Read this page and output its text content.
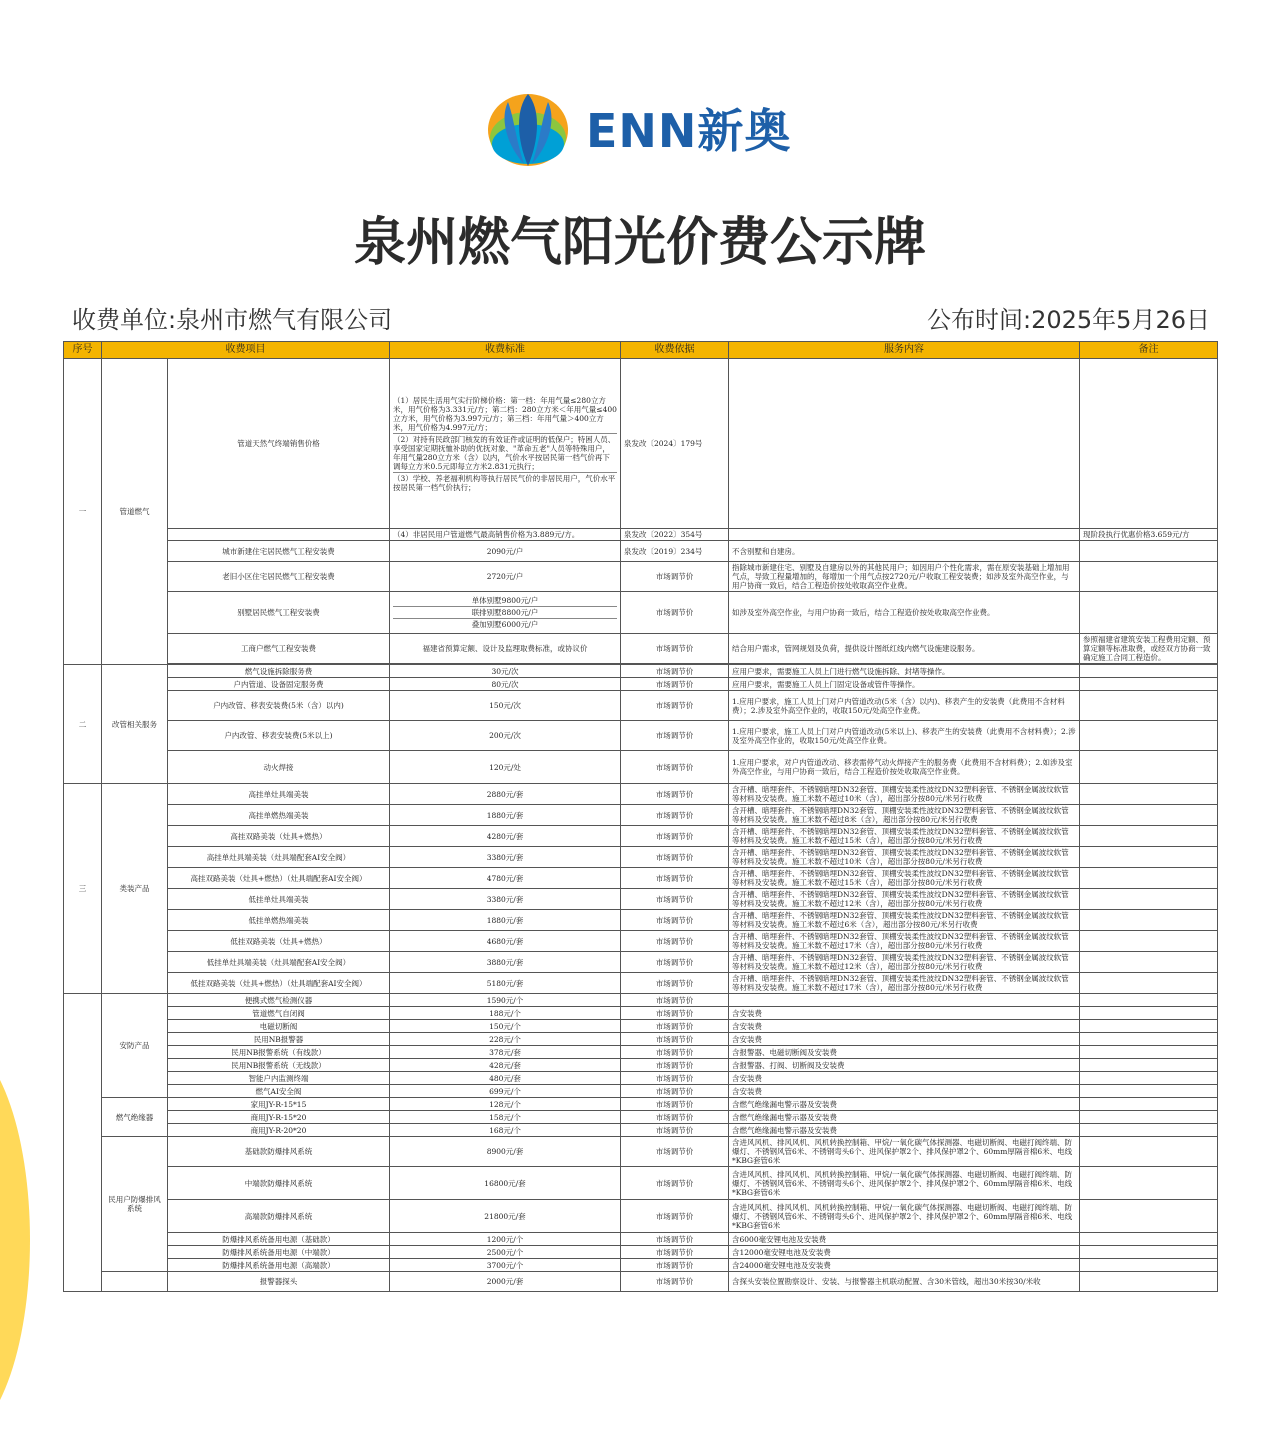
ENN新奥
泉州燃气阳光价费公示牌
收费单位:泉州市燃气有限公司	公布时间:2025年5月26日
序号	收费项目		收费标准	收费依据	服务内容	备注
一	管道燃气	管道天然气终端销售价格	（1）居民生活用气实行阶梯价格：第一档：年用气量≤280立方米，用气价格为3.331元/方；第二档：280立方米＜年用气量≤400立方米，用气价格为3.997元/方；第三档：年用气量＞400立方米，用气价格为4.997元/方；
（2）对持有民政部门核发的有效证件或证明的低保户；特困人员、享受国家定期抚恤补助的优抚对象、"革命五老"人员等特殊用户，年用气量280立方米（含）以内，气价水平按居民第一档气价再下调每立方米0.5元即每立方米2.831元执行；
（3）学校、养老福利机构等执行居民气价的非居民用户，气价水平按居民第一档气价执行；	泉发改〔2024〕179号		
			（4）非居民用户管道燃气最高销售价格为3.889元/方。	泉发改〔2022〕354号		现阶段执行优惠价格3.659元/方
		城市新建住宅居民燃气工程安装费	2090元/户	泉发改〔2019〕234号	不含别墅和自建房。	
		老旧小区住宅居民燃气工程安装费	2720元/户	市场调节价	指除城市新建住宅、别墅及自建房以外的其他民用户；如因用户个性化需求，需在原安装基础上增加用气点，导致工程量增加的，每增加一个用气点按2720元/户收取工程安装费；如涉及室外高空作业，与用户协商一致后，结合工程造价按处收取高空作业费。	
		别墅居民燃气工程安装费	单体别墅9800元/户
联排别墅8800元/户
叠加别墅6000元/户	市场调节价	如涉及室外高空作业，与用户协商一致后，结合工程造价按处收取高空作业费。	
		工商户燃气工程安装费	福建省预算定额、设计及监理取费标准，或协议价	市场调节价	结合用户需求，管网规划及负荷，提供设计图纸红线内燃气设施建设服务。	参照福建省建筑安装工程费用定额、预算定额等标准取费，或经双方协商一致确定施工合同工程造价。

二	改管相关服务	燃气设施拆除服务费	30元/次	市场调节价	应用户要求，需要施工人员上门进行燃气设施拆除、封堵等操作。	
		户内管道、设备固定服务费	80元/次	市场调节价	应用户要求，需要施工人员上门固定设备或管件等操作。	
		户内改管、移表安装费(5米（含）以内)	150元/次	市场调节价	1.应用户要求，施工人员上门对户内管道改动(5米（含）以内)、移表产生的安装费（此费用不含材料费）；2.涉及室外高空作业的，收取150元/处高空作业费。	
		户内改管、移表安装费(5米以上)	200元/次	市场调节价	1.应用户要求，施工人员上门对户内管道改动(5米以上)、移表产生的安装费（此费用不含材料费）；2.涉及室外高空作业的，收取150元/处高空作业费。	
		动火焊接	120元/处	市场调节价	1.应用户要求，对户内管道改动、移表需停气动火焊接产生的服务费（此费用不含材料费）；2.如涉及室外高空作业，与用户协商一致后，结合工程造价按处收取高空作业费。	
三	类装产品	高挂单灶具端美装	2880元/套	市场调节价	含开槽、暗埋套件、不锈钢暗埋DN32套管、顶棚安装柔性波纹DN32塑料套管、不锈钢金属波纹软管等材料及安装费。施工米数不超过10米（含），超出部分按80元/米另行收费	
		高挂单燃热端美装	1880元/套	市场调节价	含开槽、暗埋套件、不锈钢暗埋DN32套管、顶棚安装柔性波纹DN32塑料套管、不锈钢金属波纹软管等材料及安装费。施工米数不超过8米（含），超出部分按80元/米另行收费	
		高挂双路美装（灶具+燃热）	4280元/套	市场调节价	含开槽、暗埋套件、不锈钢暗埋DN32套管、顶棚安装柔性波纹DN32塑料套管、不锈钢金属波纹软管等材料及安装费。施工米数不超过15米（含），超出部分按80元/米另行收费	
		高挂单灶具端美装（灶具端配套AI安全阀）	3380元/套	市场调节价	含开槽、暗埋套件、不锈钢暗埋DN32套管、顶棚安装柔性波纹DN32塑料套管、不锈钢金属波纹软管等材料及安装费。施工米数不超过10米（含），超出部分按80元/米另行收费	
		高挂双路美装（灶具+燃热）（灶具端配套AI安全阀）	4780元/套	市场调节价	含开槽、暗埋套件、不锈钢暗埋DN32套管、顶棚安装柔性波纹DN32塑料套管、不锈钢金属波纹软管等材料及安装费。施工米数不超过15米（含），超出部分按80元/米另行收费	
		低挂单灶具端美装	3380元/套	市场调节价	含开槽、暗埋套件、不锈钢暗埋DN32套管、顶棚安装柔性波纹DN32塑料套管、不锈钢金属波纹软管等材料及安装费。施工米数不超过12米（含），超出部分按80元/米另行收费	
		低挂单燃热端美装	1880元/套	市场调节价	含开槽、暗埋套件、不锈钢暗埋DN32套管、顶棚安装柔性波纹DN32塑料套管、不锈钢金属波纹软管等材料及安装费。施工米数不超过6米（含），超出部分按80元/米另行收费	
		低挂双路美装（灶具+燃热）	4680元/套	市场调节价	含开槽、暗埋套件、不锈钢暗埋DN32套管、顶棚安装柔性波纹DN32塑料套管、不锈钢金属波纹软管等材料及安装费。施工米数不超过17米（含），超出部分按80元/米另行收费	
		低挂单灶具端美装（灶具端配套AI安全阀）	3880元/套	市场调节价	含开槽、暗埋套件、不锈钢暗埋DN32套管、顶棚安装柔性波纹DN32塑料套管、不锈钢金属波纹软管等材料及安装费。施工米数不超过12米（含），超出部分按80元/米另行收费	
		低挂双路美装（灶具+燃热）（灶具端配套AI安全阀）	5180元/套	市场调节价	含开槽、暗埋套件、不锈钢暗埋DN32套管、顶棚安装柔性波纹DN32塑料套管、不锈钢金属波纹软管等材料及安装费。施工米数不超过17米（含），超出部分按80元/米另行收费	
	安防产品	便携式燃气检测仪器	1590元/个	市场调节价		
		管道燃气自闭阀	188元/个	市场调节价	含安装费	
		电磁切断阀	150元/个	市场调节价	含安装费	
		民用NB报警器	228元/个	市场调节价	含安装费	
		民用NB报警系统（有线款）	378元/套	市场调节价	含报警器、电磁切断阀及安装费	
		民用NB报警系统（无线款）	428元/套	市场调节价	含报警器、打阀、切断阀及安装费	
		智能户内监测终端	480元/套	市场调节价	含安装费	
		燃气AI安全阀	699元/个	市场调节价	含安装费	
	燃气绝缘器	家用JY-R-15*15	128元/个	市场调节价	含燃气绝缘漏电警示器及安装费	
		商用JY-R-15*20	158元/个	市场调节价	含燃气绝缘漏电警示器及安装费	
		商用JY-R-20*20	168元/个	市场调节价	含燃气绝缘漏电警示器及安装费	
	民用户防爆排风系统	基础款防爆排风系统	8900元/套	市场调节价	含进风风机、排风风机、风机转换控制箱、甲烷/一氧化碳气体探测器、电磁切断阀、电磁打阀终端、防爆灯、不锈钢风管6米、不锈钢弯头6个、进风保护罩2个、排风保护罩2个、60mm厚隔音棉6米、电线*KBG套管6米	
		中端款防爆排风系统	16800元/套	市场调节价	含进风风机、排风风机、风机转换控制箱、甲烷/一氧化碳气体探测器、电磁切断阀、电磁打阀终端、防爆灯、不锈钢风管6米、不锈钢弯头6个、进风保护罩2个、排风保护罩2个、60mm厚隔音棉6米、电线*KBG套管6米	
		高端款防爆排风系统	21800元/套	市场调节价	含进风风机、排风风机、风机转换控制箱、甲烷/一氧化碳气体探测器、电磁切断阀、电磁打阀终端、防爆灯、不锈钢风管6米、不锈钢弯头6个、进风保护罩2个、排风保护罩2个、60mm厚隔音棉6米、电线*KBG套管6米	
		防爆排风系统备用电源（基础款）	1200元/个	市场调节价	含6000毫安锂电池及安装费	
		防爆排风系统备用电源（中端款）	2500元/个	市场调节价	含12000毫安锂电池及安装费	
		防爆排风系统备用电源（高端款）	3700元/个	市场调节价	含24000毫安锂电池及安装费	
		报警器探头	2000元/套	市场调节价	含探头安装位置勘察设计、安装、与报警器主机联动配置、含30米管线，超出30米按30/米收	
